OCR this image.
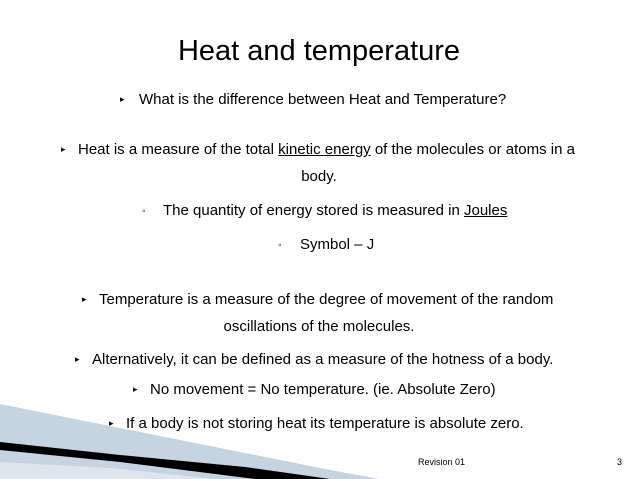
Heat and temperature
▸ What is the difference between Heat and Temperature?
▸ Heat is a measure of the total kinetic energy of the molecules or atoms in a
body.
◦ The quantity of energy stored is measured in Joules
◦ Symbol – J
▸ Temperature is a measure of the degree of movement of the random
oscillations of the molecules.
▸ Alternatively, it can be defined as a measure of the hotness of a body.
▸ No movement = No temperature. (ie. Absolute Zero)
▸ If a body is not storing heat its temperature is absolute zero.
Revision 01	3
